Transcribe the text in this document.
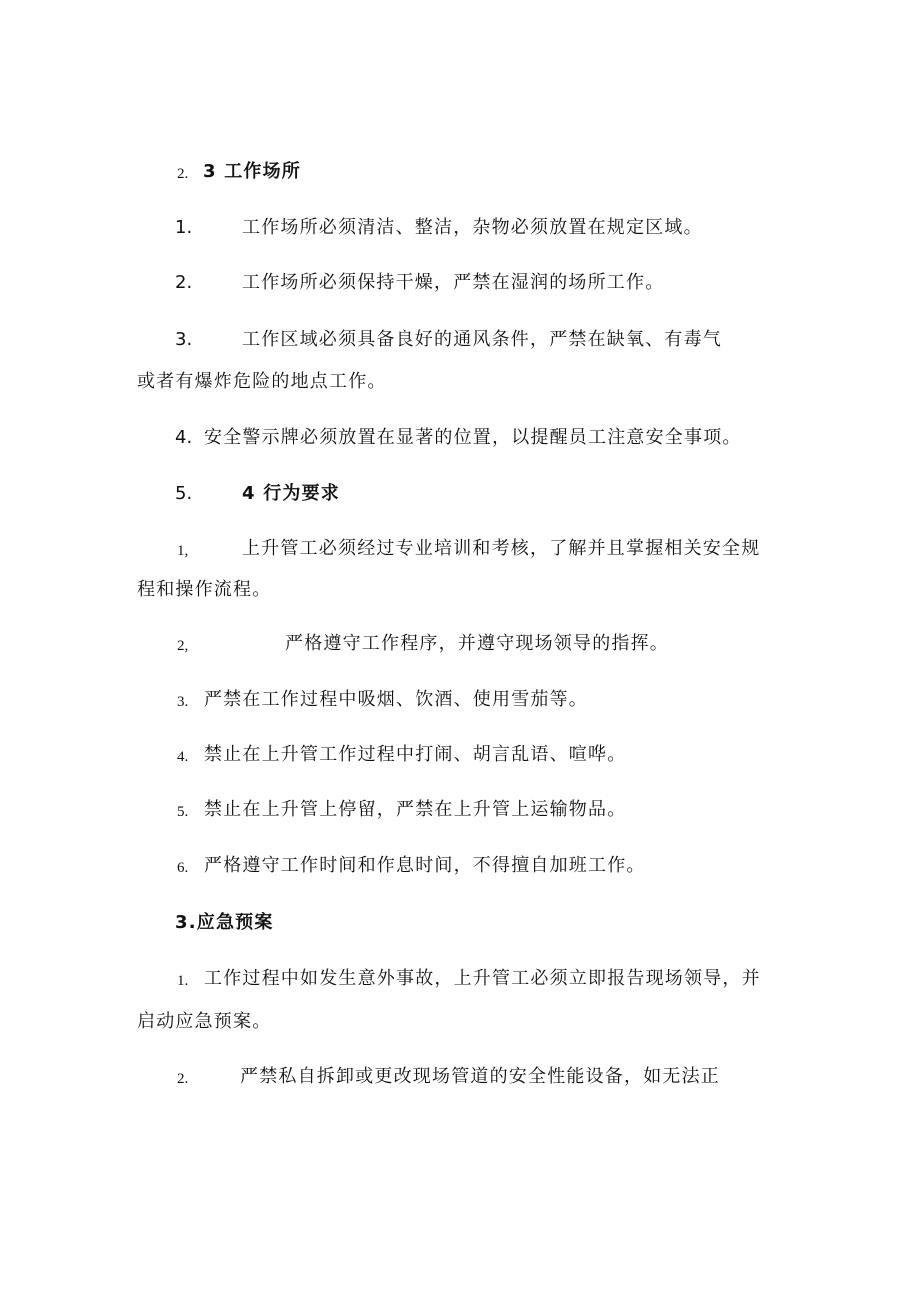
2. 3 工作场所
1.	工作场所必须清洁、整洁，杂物必须放置在规定区域。
2.	工作场所必须保持干燥，严禁在湿润的场所工作。
3.	工作区域必须具备良好的通风条件，严禁在缺氧、有毒气
或者有爆炸危险的地点工作。
4. 安全警示牌必须放置在显著的位置，以提醒员工注意安全事项。
5.	4 行为要求
1,	上升管工必须经过专业培训和考核，了解并且掌握相关安全规
程和操作流程。
2,	严格遵守工作程序，并遵守现场领导的指挥。
3. 严禁在工作过程中吸烟、饮酒、使用雪茄等。
4. 禁止在上升管工作过程中打闹、胡言乱语、喧哗。
5. 禁止在上升管上停留，严禁在上升管上运输物品。
6. 严格遵守工作时间和作息时间，不得擅自加班工作。
3.应急预案
1. 工作过程中如发生意外事故，上升管工必须立即报告现场领导，并
启动应急预案。
2.	严禁私自拆卸或更改现场管道的安全性能设备，如无法正
